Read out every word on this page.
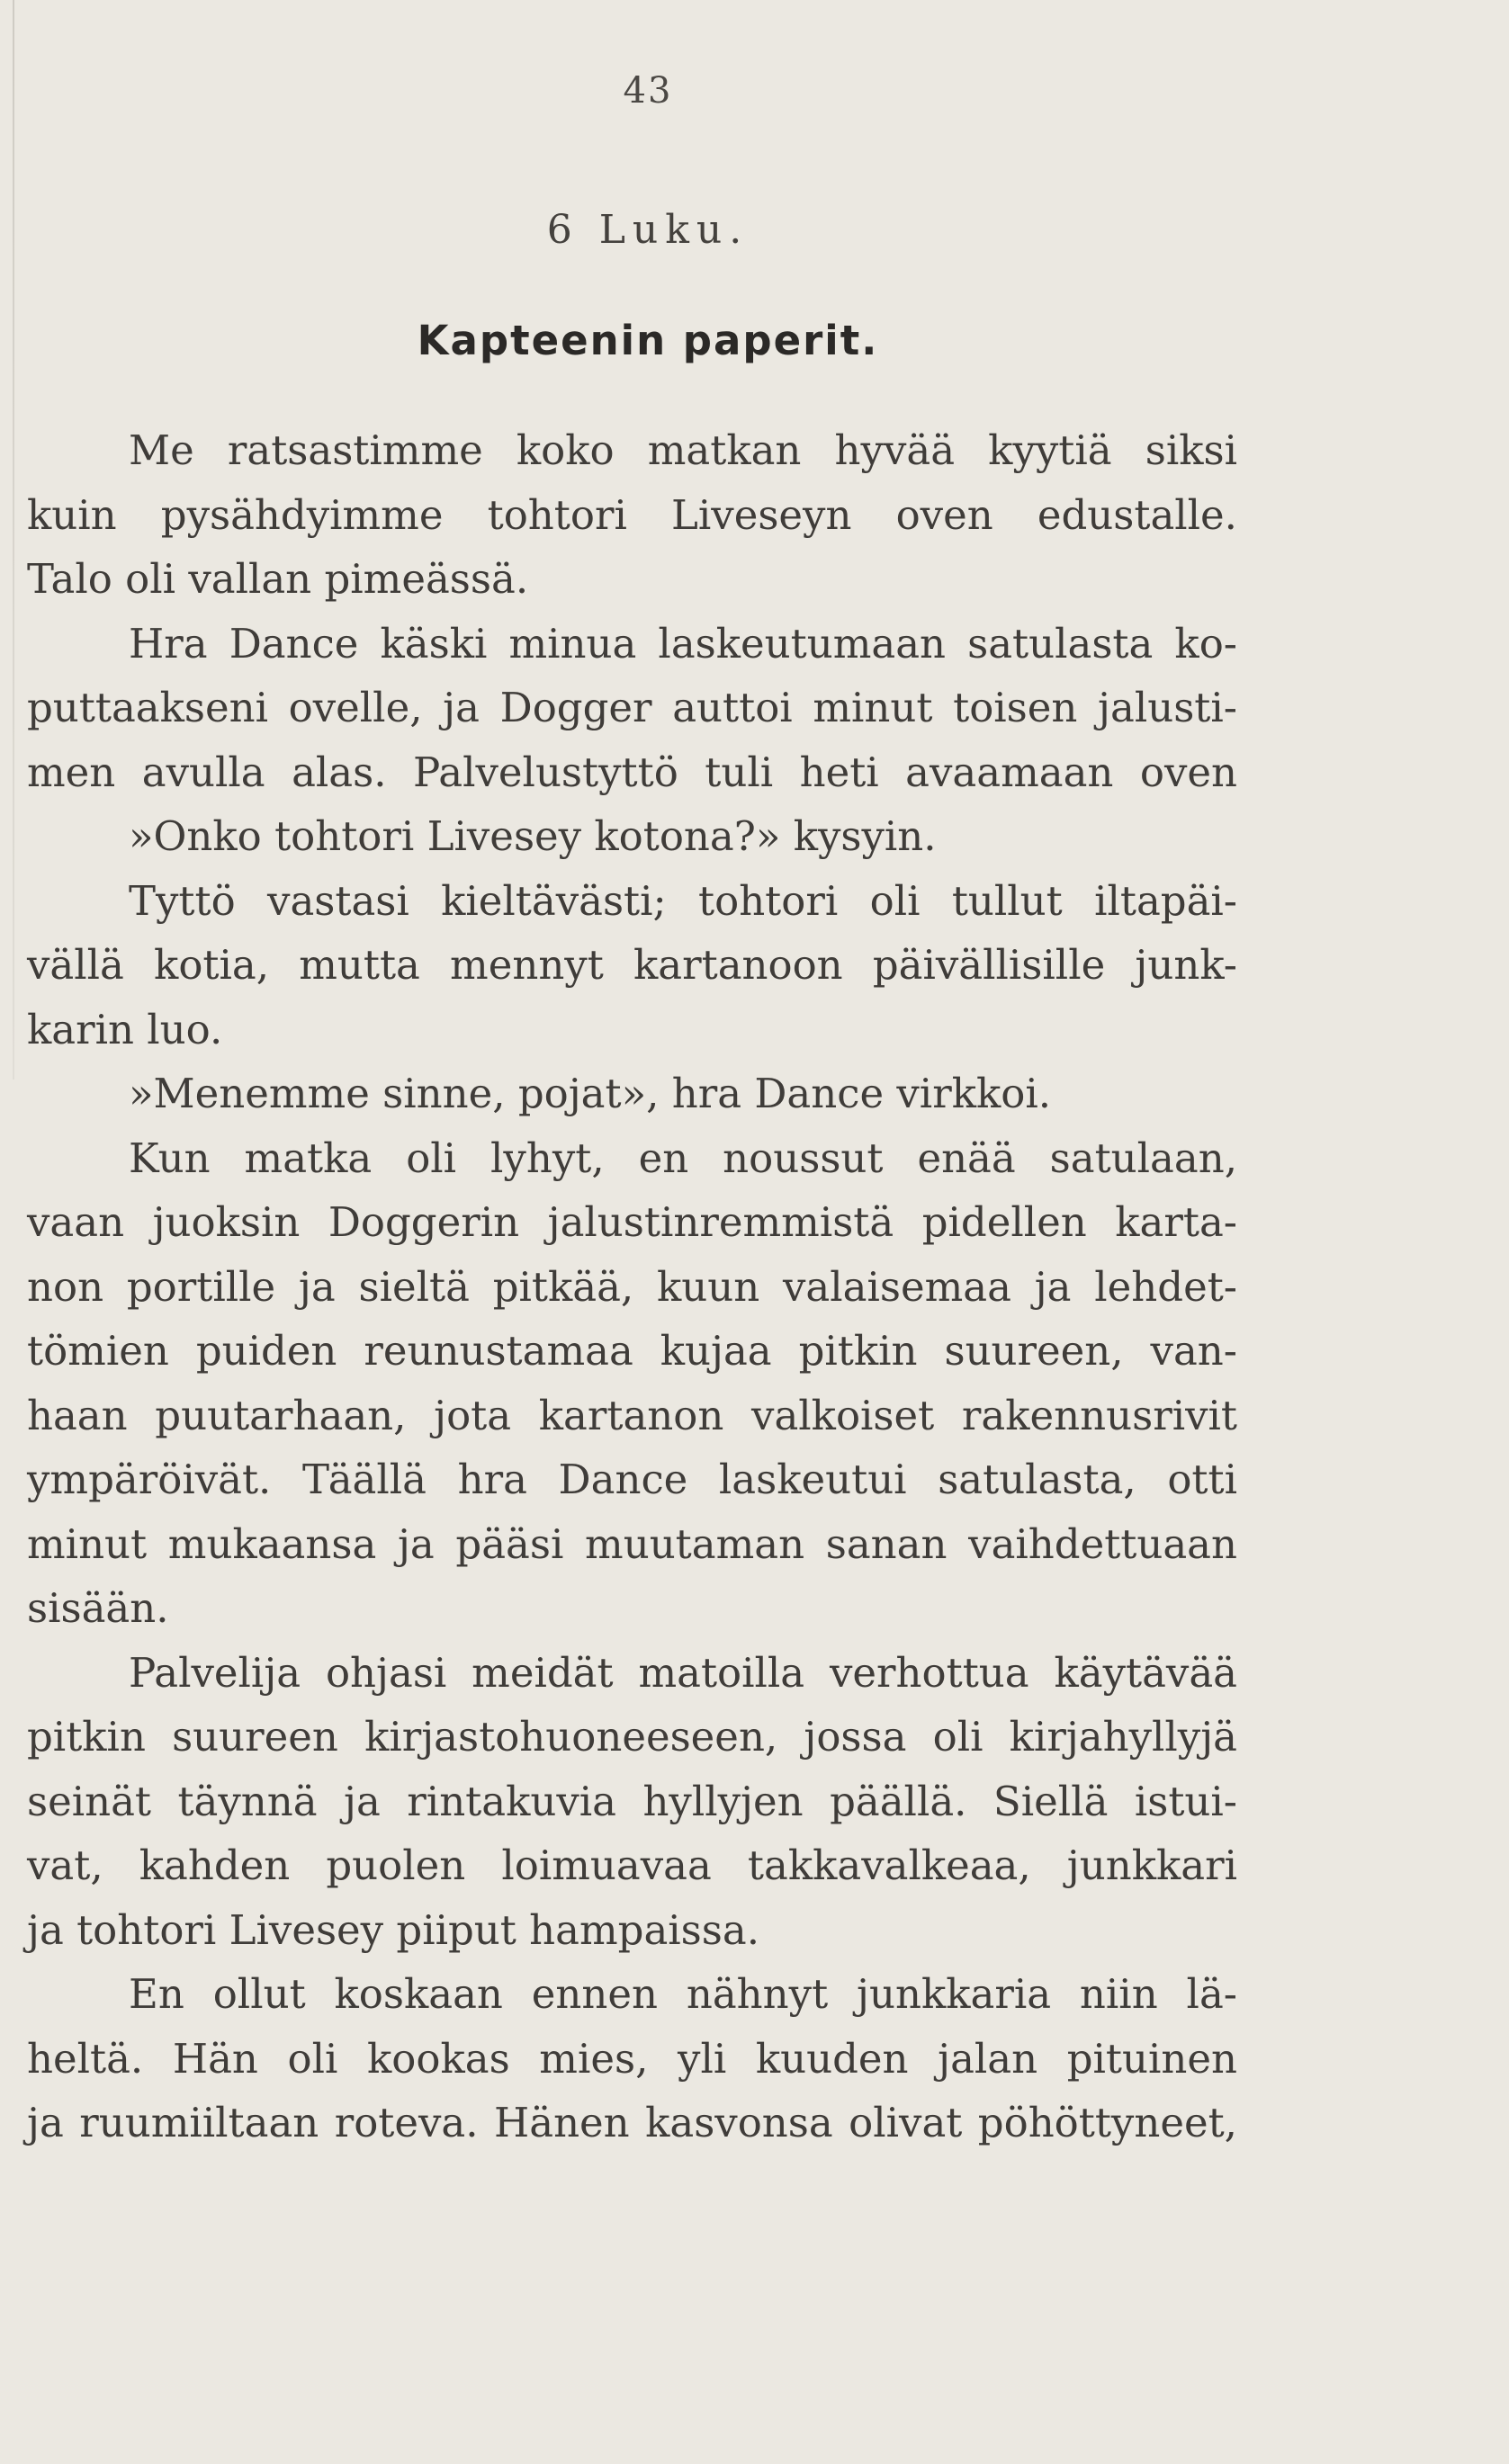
43
6 Luku.
Kapteenin paperit.
Me ratsastimme koko matkan hyvää kyytiä siksi
kuin pysähdyimme tohtori Liveseyn oven edustalle.
Talo oli vallan pimeässä.
Hra Dance käski minua laskeutumaan satulasta ko-
puttaakseni ovelle, ja Dogger auttoi minut toisen jalusti-
men avulla alas. Palvelustyttö tuli heti avaamaan oven
»Onko tohtori Livesey kotona?» kysyin.
Tyttö vastasi kieltävästi; tohtori oli tullut iltapäi-
vällä kotia, mutta mennyt kartanoon päivällisille junk-
karin luo.
»Menemme sinne, pojat», hra Dance virkkoi.
Kun matka oli lyhyt, en noussut enää satulaan,
vaan juoksin Doggerin jalustinremmistä pidellen karta-
non portille ja sieltä pitkää, kuun valaisemaa ja lehdet-
tömien puiden reunustamaa kujaa pitkin suureen, van-
haan puutarhaan, jota kartanon valkoiset rakennusrivit
ympäröivät. Täällä hra Dance laskeutui satulasta, otti
minut mukaansa ja pääsi muutaman sanan vaihdettuaan
sisään.
Palvelija ohjasi meidät matoilla verhottua käytävää
pitkin suureen kirjastohuoneeseen, jossa oli kirjahyllyjä
seinät täynnä ja rintakuvia hyllyjen päällä. Siellä istui-
vat, kahden puolen loimuavaa takkavalkeaa, junkkari
ja tohtori Livesey piiput hampaissa.
En ollut koskaan ennen nähnyt junkkaria niin lä-
heltä. Hän oli kookas mies, yli kuuden jalan pituinen
ja ruumiiltaan roteva. Hänen kasvonsa olivat pöhöttyneet,
